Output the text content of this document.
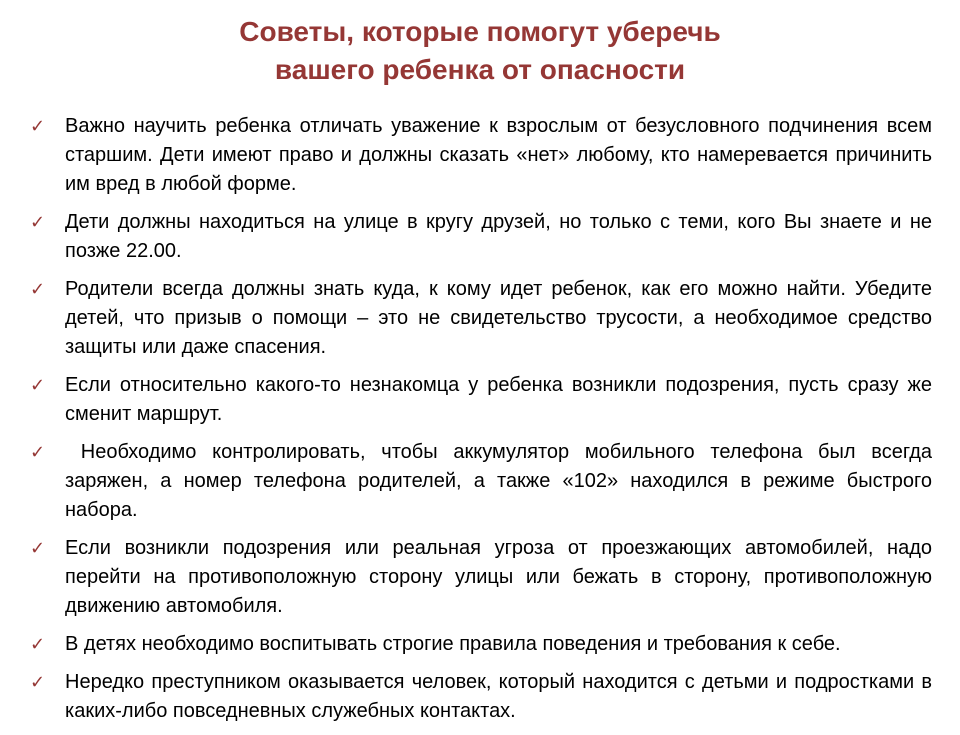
Советы, которые помогут уберечь
вашего ребенка от опасности
✓ Важно научить ребенка отличать уважение к взрослым от безусловного подчинения всем старшим. Дети имеют право и должны сказать «нет» любому, кто намеревается причинить им вред в любой форме.
✓ Дети должны находиться на улице в кругу друзей, но только с теми, кого Вы знаете и не позже 22.00.
✓ Родители всегда должны знать куда, к кому идет ребенок, как его можно найти. Убедите детей, что призыв о помощи – это не свидетельство трусости, а необходимое средство защиты или даже спасения.
✓ Если относительно какого-то незнакомца у ребенка возникли подозрения, пусть сразу же сменит маршрут.
✓ Необходимо контролировать, чтобы аккумулятор мобильного телефона был всегда заряжен, а номер телефона родителей, а также «102» находился в режиме быстрого набора.
✓ Если возникли подозрения или реальная угроза от проезжающих автомобилей, надо перейти на противоположную сторону улицы или бежать в сторону, противоположную движению автомобиля.
✓ В детях необходимо воспитывать строгие правила поведения и требования к себе.
✓ Нередко преступником оказывается человек, который находится с детьми и подростками в каких-либо повседневных служебных контактах.
